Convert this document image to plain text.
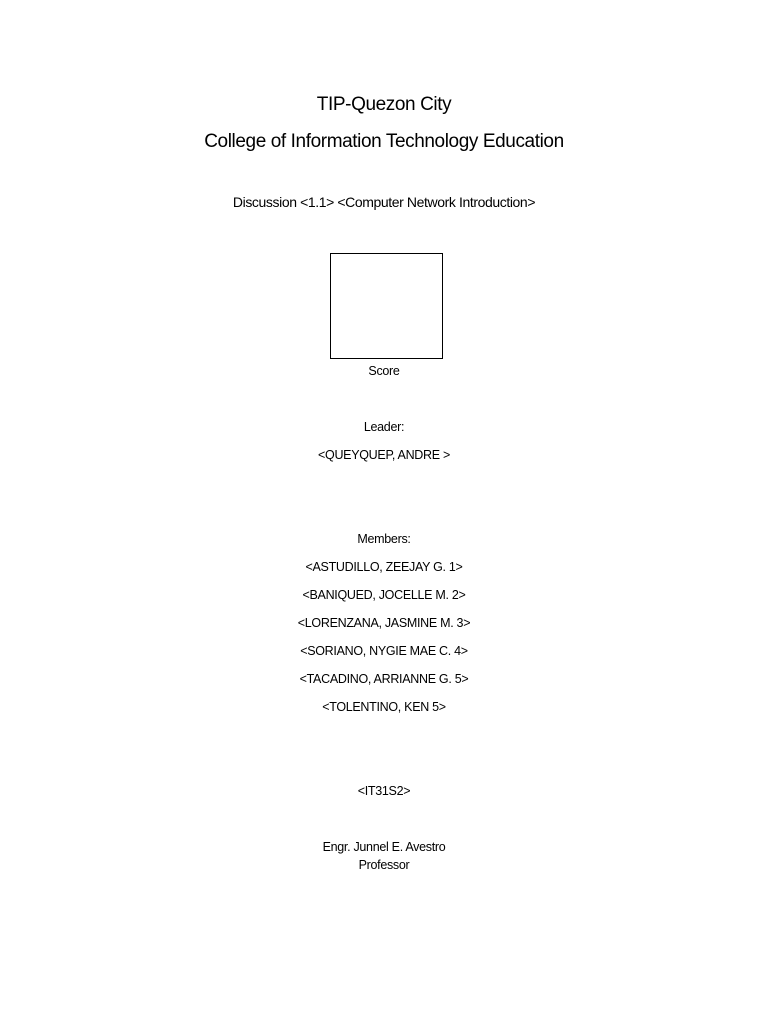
TIP-Quezon City
College of Information Technology Education
Discussion <1.1> <Computer Network Introduction>
Score
Leader:
<QUEYQUEP, ANDRE >
Members:
<ASTUDILLO, ZEEJAY G. 1>
<BANIQUED, JOCELLE M. 2>
<LORENZANA, JASMINE M. 3>
<SORIANO, NYGIE MAE C. 4>
<TACADINO, ARRIANNE G. 5>
<TOLENTINO, KEN 5>
<IT31S2>
Engr. Junnel E. Avestro
Professor
